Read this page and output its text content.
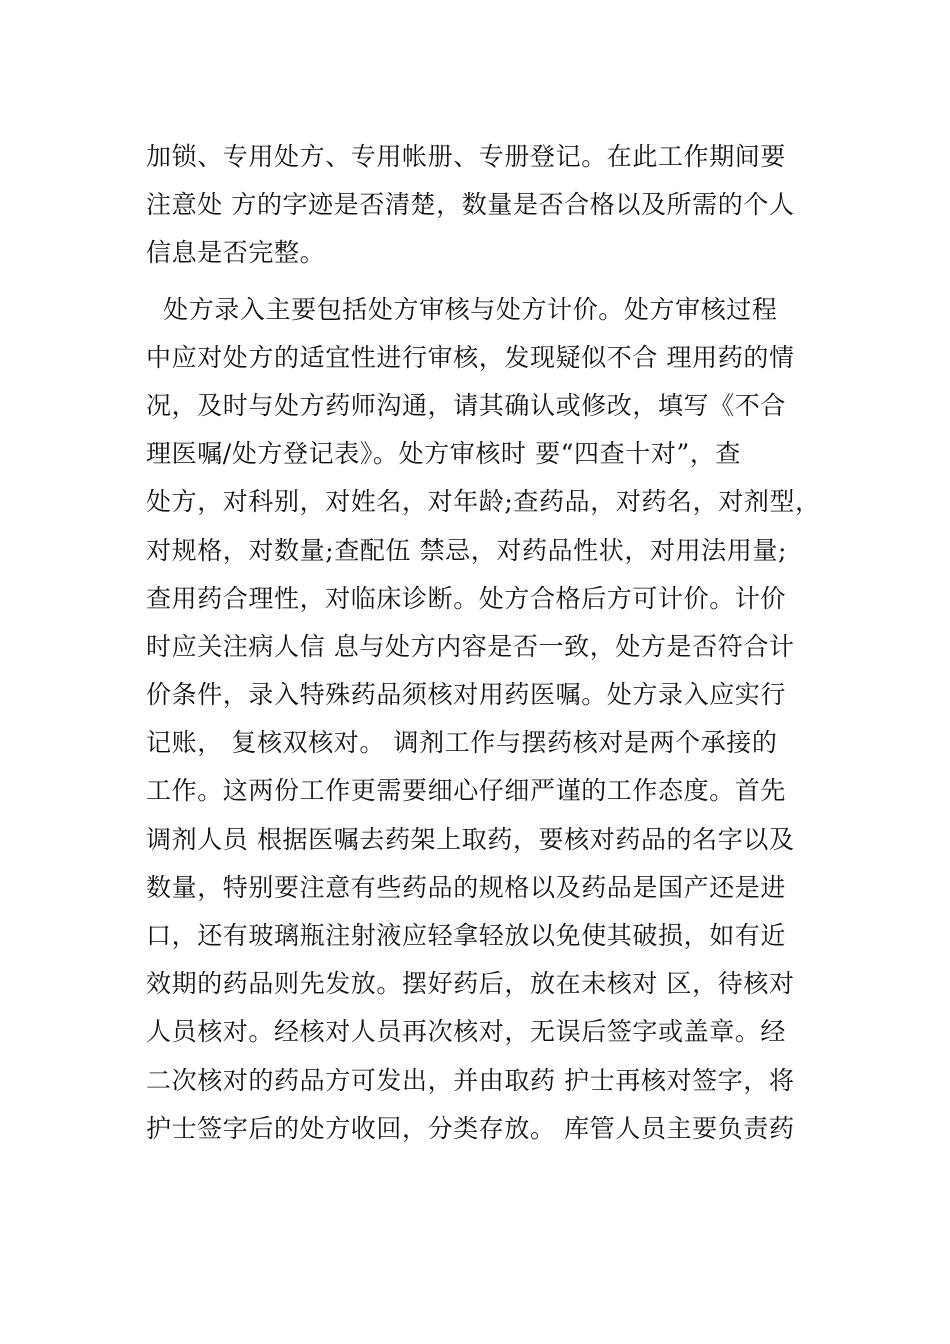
加锁、专用处方、专用帐册、专册登记。在此工作期间要
注意处 方的字迹是否清楚，数量是否合格以及所需的个人
信息是否完整。
处方录入主要包括处方审核与处方计价。处方审核过程
中应对处方的适宜性进行审核，发现疑似不合 理用药的情
况，及时与处方药师沟通，请其确认或修改，填写《不合
理医嘱/处方登记表》。处方审核时 要“四查十对”，查
处方，对科别，对姓名，对年龄;查药品，对药名，对剂型，
对规格，对数量;查配伍 禁忌，对药品性状，对用法用量;
查用药合理性，对临床诊断。处方合格后方可计价。计价
时应关注病人信 息与处方内容是否一致，处方是否符合计
价条件，录入特殊药品须核对用药医嘱。处方录入应实行
记账， 复核双核对。 调剂工作与摆药核对是两个承接的
工作。这两份工作更需要细心仔细严谨的工作态度。首先
调剂人员 根据医嘱去药架上取药，要核对药品的名字以及
数量，特别要注意有些药品的规格以及药品是国产还是进
口，还有玻璃瓶注射液应轻拿轻放以免使其破损，如有近
效期的药品则先发放。摆好药后，放在未核对 区，待核对
人员核对。经核对人员再次核对，无误后签字或盖章。经
二次核对的药品方可发出，并由取药 护士再核对签字，将
护士签字后的处方收回，分类存放。 库管人员主要负责药
